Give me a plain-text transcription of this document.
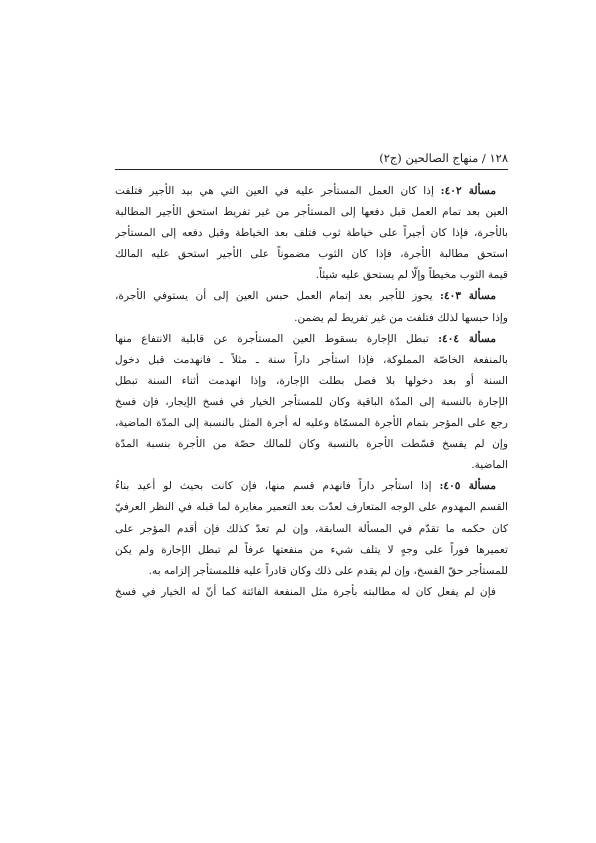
١٢٨ / منهاج الصالحين (ج٢)
مسألة ٤٠٢: إذا كان العمل المستأجر عليه في العين التي هي بيد الأجير فتلفت
العين بعد تمام العمل قبل دفعها إلى المستأجر من غير تفريط استحق الأجير المطالبة
بالأجرة، فإذا كان أجيراً على خياطة ثوب فتلف بعد الخياطة وقبل دفعه إلى المستأجر
استحق مطالبة الأجرة، فإذا كان الثوب مضموناً على الأجير استحق عليه المالك
قيمة الثوب مخيطاً وإلّا لم يستحق عليه شيئاً.
مسألة ٤٠٣: يجوز للأجير بعد إتمام العمل حبس العين إلى أن يستوفي الأجرة،
وإذا حبسها لذلك فتلفت من غير تفريط لم يضمن.
مسألة ٤٠٤: تبطل الإجارة بسقوط العين المستأجرة عن قابلية الانتفاع منها
بالمنفعة الخاصّة المملوكة، فإذا استأجر داراً سنة ـ مثلاً ـ فانهدمت قبل دخول
السنة أو بعد دخولها بلا فصل بطلت الإجارة، وإذا انهدمت أثناء السنة تبطل
الإجارة بالنسبة إلى المدّة الباقية وكان للمستأجر الخيار في فسخ الإيجار، فإن فسخ
رجع على المؤجر بتمام الأجرة المسمّاة وعليه له أجرة المثل بالنسبة إلى المدّة الماضية،
وإن لم يفسخ قسّطت الأجرة بالنسبة وكان للمالك حصّة من الأجرة بنسبة المدّة
الماضية.
مسألة ٤٠٥: إذا استأجر داراً فانهدم قسم منها، فإن كانت بحيث لو أعيد بناءُ
القسم المهدوم على الوجه المتعارف لعدّت بعد التعمير مغايرة لما قبله في النظر العرفيّ
كان حكمه ما تقدّم في المسألة السابقة، وإن لم تعدّ كذلك فإن أقدم المؤجر على
تعميرها فوراً على وجهٍ لا يتلف شيء من منفعتها عرفاً لم تبطل الإجارة ولم يكن
للمستأجر حقّ الفسخ، وإن لم يقدم على ذلك وكان قادراً عليه فللمستأجر إلزامه به.
فإن لم يفعل كان له مطالبته بأجرة مثل المنفعة الفائتة كما أنّ له الخيار في فسخ
